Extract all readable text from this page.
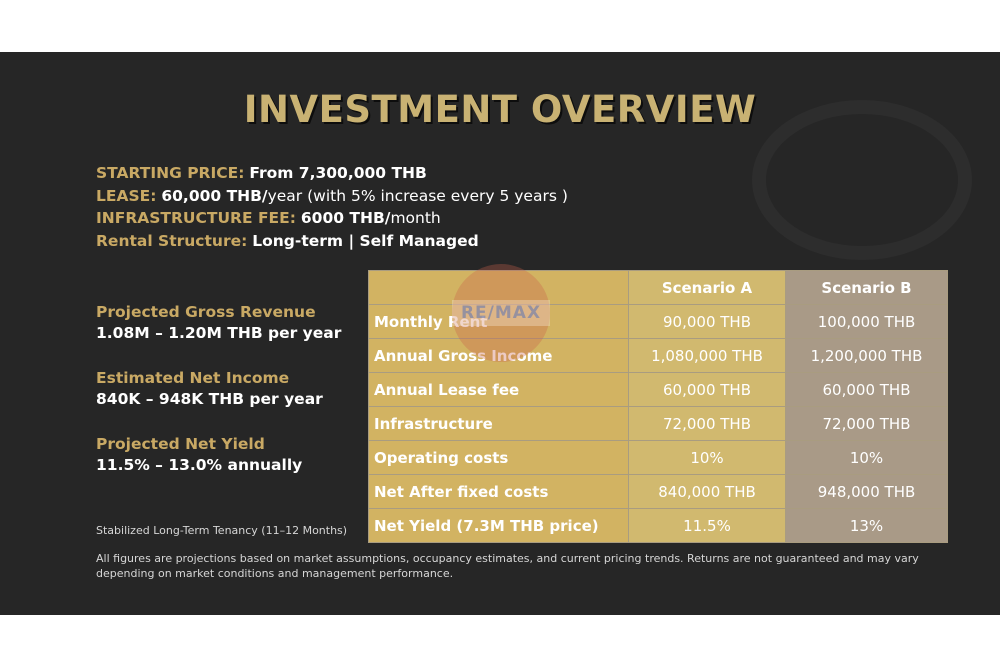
INVESTMENT OVERVIEW
STARTING PRICE: From 7,300,000 THB
LEASE: 60,000 THB/year (with 5% increase every 5 years )
INFRASTRUCTURE FEE: 6000 THB/month
Rental Structure: Long-term | Self Managed
Projected Gross Revenue
1.08M – 1.20M THB per year
Estimated Net Income
840K – 948K THB per year
Projected Net Yield
11.5% – 13.0% annually
	Scenario A	Scenario B
Monthly Rent	90,000 THB	100,000 THB
Annual Gross Income	1,080,000 THB	1,200,000 THB
Annual Lease fee	60,000 THB	60,000 THB
Infrastructure	72,000 THB	72,000 THB
Operating costs	10%	10%
Net After fixed costs	840,000 THB	948,000 THB
Net Yield (7.3M THB price)	11.5%	13%
RE/MAX
Stabilized Long-Term Tenancy (11–12 Months)
All figures are projections based on market assumptions, occupancy estimates, and current pricing trends. Returns are not guaranteed and may vary depending on market conditions and management performance.
